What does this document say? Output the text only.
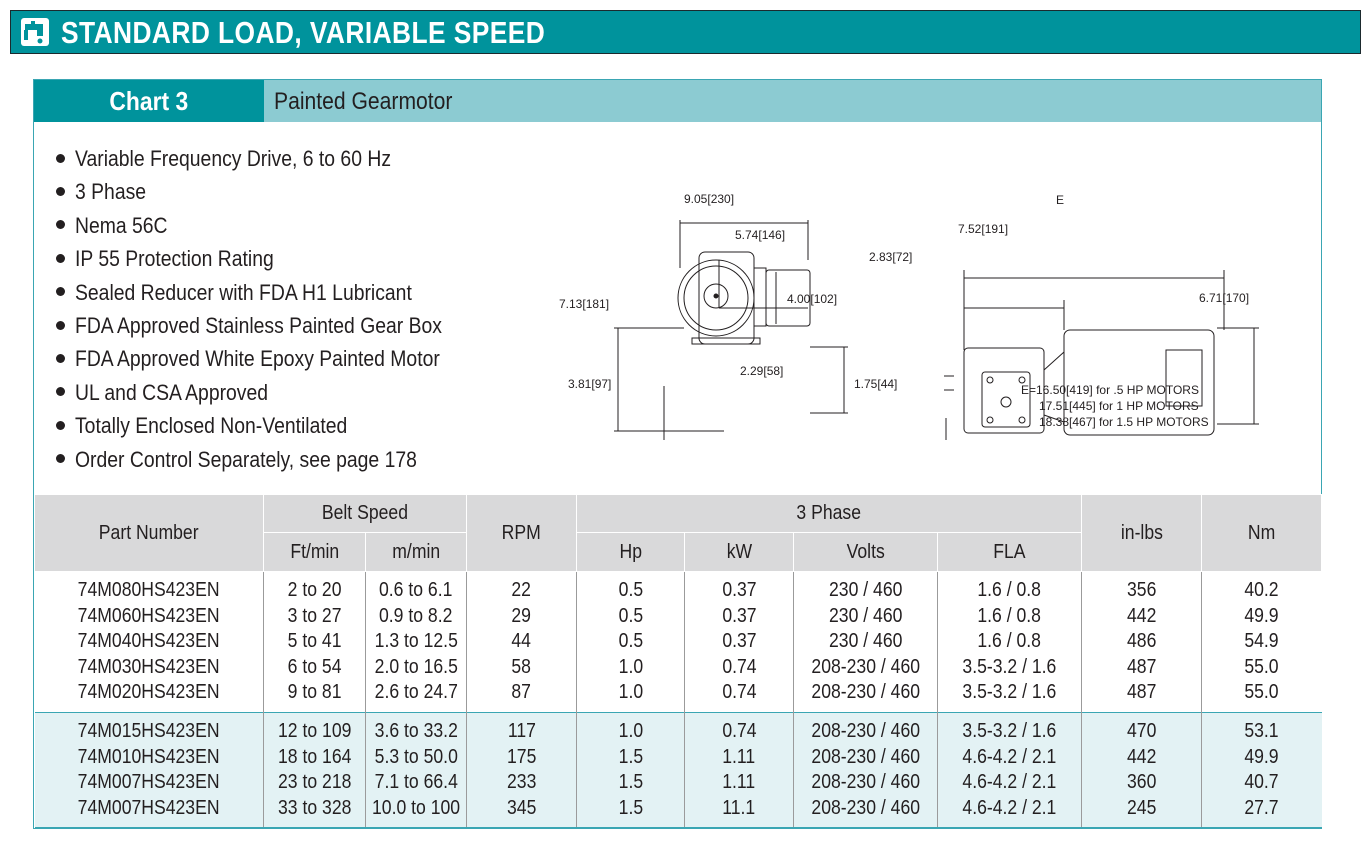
STANDARD LOAD, VARIABLE SPEED
Chart 3	Painted Gearmotor
Variable Frequency Drive, 6 to 60 Hz
3 Phase
Nema 56C
IP 55 Protection Rating
Sealed Reducer with FDA H1 Lubricant
FDA Approved Stainless Painted Gear Box
FDA Approved White Epoxy Painted Motor
UL and CSA Approved
Totally Enclosed Non-Ventilated
Order Control Separately, see page 178
9.05[230]
5.74[146]
7.13[181]	4.00[102]
3.81[97]
2.29[58]
E
7.52[191]
2.83[72]
6.71[170]
1.75[44]	E=16.50[419] for .5 HP MOTORS
17.51[445] for 1 HP MOTORS
18.38[467] for 1.5 HP MOTORS
Part Number	Belt Speed		RPM	3 Phase				in-lbs	Nm
	Ft/min	m/min		Hp	kW	Volts	FLA		
74M080HS423EN	2 to 20	0.6 to 6.1	22	0.5	0.37	230 / 460	1.6 / 0.8	356	40.2
74M060HS423EN	3 to 27	0.9 to 8.2	29	0.5	0.37	230 / 460	1.6 / 0.8	442	49.9
74M040HS423EN	5 to 41	1.3 to 12.5	44	0.5	0.37	230 / 460	1.6 / 0.8	486	54.9
74M030HS423EN	6 to 54	2.0 to 16.5	58	1.0	0.74	208-230 / 460	3.5-3.2 / 1.6	487	55.0
74M020HS423EN	9 to 81	2.6 to 24.7	87	1.0	0.74	208-230 / 460	3.5-3.2 / 1.6	487	55.0
74M015HS423EN	12 to 109	3.6 to 33.2	117	1.0	0.74	208-230 / 460	3.5-3.2 / 1.6	470	53.1
74M010HS423EN	18 to 164	5.3 to 50.0	175	1.5	1.11	208-230 / 460	4.6-4.2 / 2.1	442	49.9
74M007HS423EN	23 to 218	7.1 to 66.4	233	1.5	1.11	208-230 / 460	4.6-4.2 / 2.1	360	40.7
74M007HS423EN	33 to 328	10.0 to 100	345	1.5	11.1	208-230 / 460	4.6-4.2 / 2.1	245	27.7
